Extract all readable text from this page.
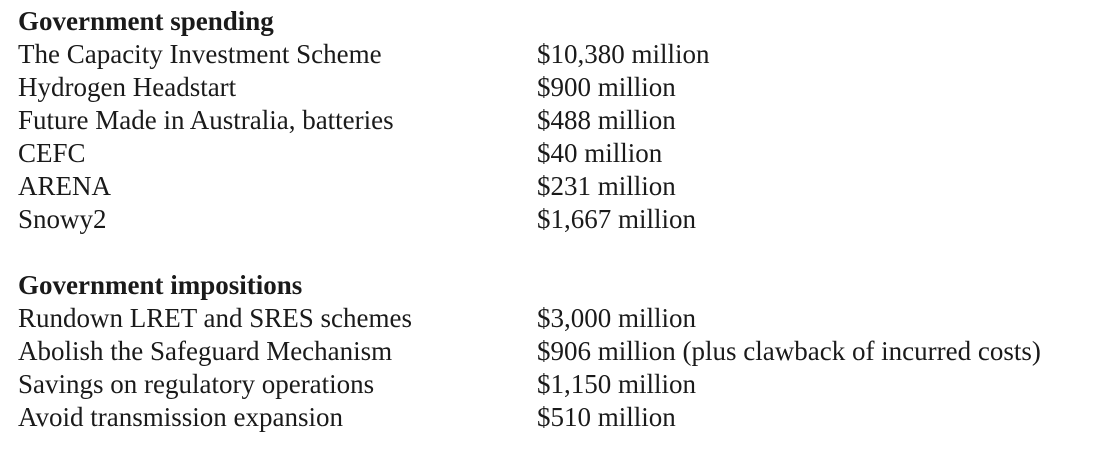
Government spending
The Capacity Investment Scheme	$10,380 million
Hydrogen Headstart	$900 million
Future Made in Australia, batteries	$488 million
CEFC	$40 million
ARENA	$231 million
Snowy2	$1,667 million
Government impositions
Rundown LRET and SRES schemes	$3,000 million
Abolish the Safeguard Mechanism	$906 million (plus clawback of incurred costs)
Savings on regulatory operations	$1,150 million
Avoid transmission expansion	$510 million
